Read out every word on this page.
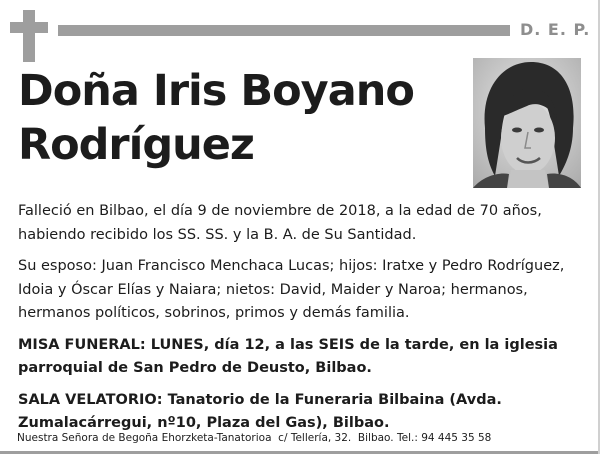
D. E. P.
Doña Iris Boyano
Rodríguez

Falleció en Bilbao, el día 9 de noviembre de 2018, a la edad de 70 años, habiendo recibido los SS. SS. y la B. A. de Su Santidad.

Su esposo: Juan Francisco Menchaca Lucas; hijos: Iratxe y Pedro Rodríguez, Idoia y Óscar Elías y Naiara; nietos: David, Maider y Naroa; hermanos, hermanos políticos, sobrinos, primos y demás familia.

MISA FUNERAL: LUNES, día 12, a las SEIS de la tarde, en la iglesia parroquial de San Pedro de Deusto, Bilbao.

SALA VELATORIO: Tanatorio de la Funeraria Bilbaina (Avda. Zumalacárregui, nº10, Plaza del Gas), Bilbao.

Nuestra Señora de Begoña Ehorzketa-Tanatorioa  c/ Tellería, 32.  Bilbao. Tel.: 94 445 35 58
